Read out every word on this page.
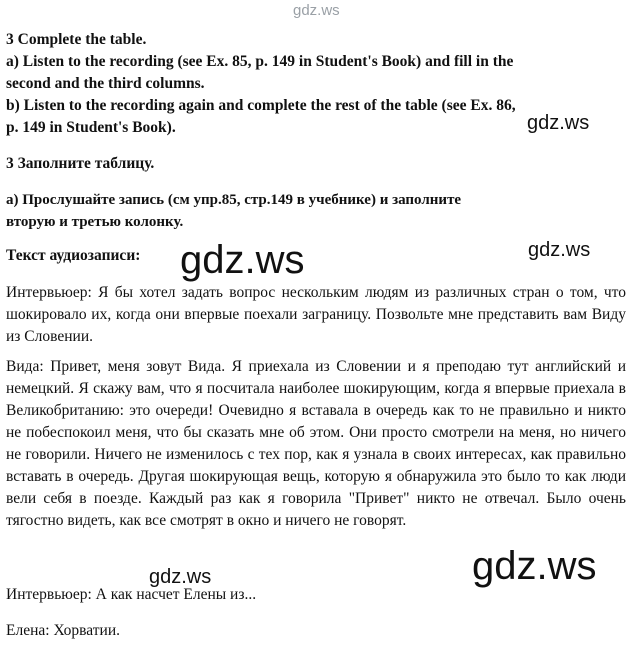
gdz.ws
3 Complete the table.
a) Listen to the recording (see Ex. 85, p. 149 in Student's Book) and fill in the
second and the third columns.
b) Listen to the recording again and complete the rest of the table (see Ex. 86,
p. 149 in Student's Book).	gdz.ws
3 Заполните таблицу.
а) Прослушайте запись (см упр.85, стр.149 в учебнике) и заполните
вторую и третью колонку.
Текст аудиозаписи: gdz.ws	gdz.ws
Интервьюер: Я бы хотел задать вопрос нескольким людям из различных стран о том, что шокировало их, когда они впервые поехали заграницу. Позвольте мне представить вам Виду из Словении.
Вида: Привет, меня зовут Вида. Я приехала из Словении и я преподаю тут английский и немецкий. Я скажу вам, что я посчитала наиболее шокирующим, когда я впервые приехала в Великобританию: это очереди! Очевидно я вставала в очередь как то не правильно и никто не побеспокоил меня, что бы сказать мне об этом. Они просто смотрели на меня, но ничего не говорили. Ничего не изменилось с тех пор, как я узнала в своих интересах, как правильно вставать в очередь. Другая шокирующая вещь, которую я обнаружила это было то как люди вели себя в поезде. Каждый раз как я говорила "Привет" никто не отвечал. Было очень тягостно видеть, как все смотрят в окно и ничего не говорят.
gdz.ws
gdz.ws
Интервьюер: А как насчет Елены из...
Елена: Хорватии.
